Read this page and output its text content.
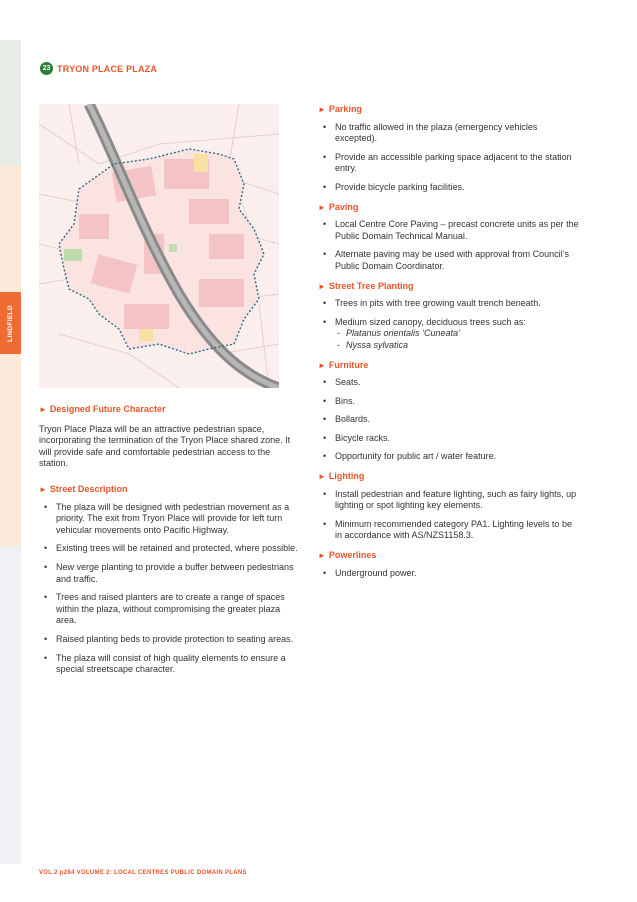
LINDFIELD
23 TRYON PLACE PLAZA
► Designed Future Character

Tryon Place Plaza will be an attractive pedestrian space, incorporating the termination of the Tryon Place shared zone. It will provide safe and comfortable pedestrian access to the station.

► Street Description
• The plaza will be designed with pedestrian movement as a priority. The exit from Tryon Place will provide for left turn vehicular movements onto Pacific Highway.
• Existing trees will be retained and protected, where possible.
• New verge planting to provide a buffer between pedestrians and traffic.
• Trees and raised planters are to create a range of spaces within the plaza, without compromising the greater plaza area.
• Raised planting beds to provide protection to seating areas.
• The plaza will consist of high quality elements to ensure a special streetscape character.
► Parking
• No traffic allowed in the plaza (emergency vehicles excepted).
• Provide an accessible parking space adjacent to the station entry.
• Provide bicycle parking facilities.
► Paving
• Local Centre Core Paving – precast concrete units as per the Public Domain Technical Manual.
• Alternate paving may be used with approval from Council’s Public Domain Coordinator.
► Street Tree Planting
• Trees in pits with tree growing vault trench beneath.
• Medium sized canopy, deciduous trees such as:
- Platanus orientalis ‘Cuneata’
- Nyssa sylvatica
► Furniture
• Seats.
• Bins.
• Bollards.
• Bicycle racks.
• Opportunity for public art / water feature.
► Lighting
• Install pedestrian and feature lighting, such as fairy lights, up lighting or spot lighting key elements.
• Minimum recommended category PA1. Lighting levels to be in accordance with AS/NZS1158.3.
► Powerlines
• Underground power.
VOL.2 p284 VOLUME 2: LOCAL CENTRES PUBLIC DOMAIN PLANS
